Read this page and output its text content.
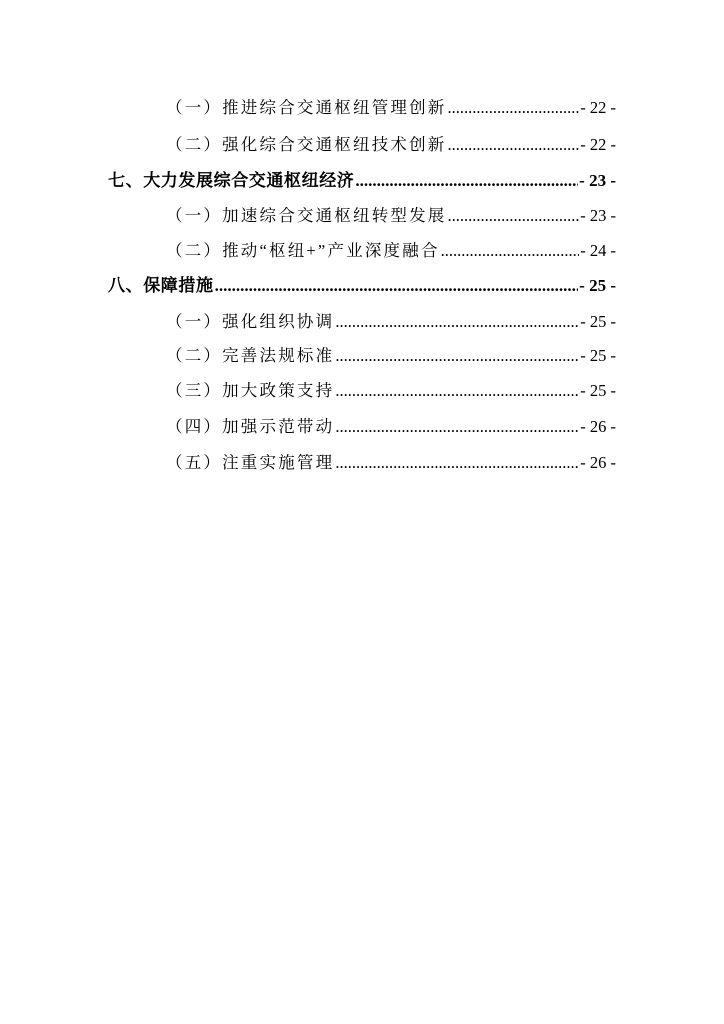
（一）推进综合交通枢纽管理创新 .....	- 22 -
（二）强化综合交通枢纽技术创新 .....	- 22 -
七、大力发展综合交通枢纽经济 .....	- 23 -
（一）加速综合交通枢纽转型发展 .....	- 23 -
（二）推动“枢纽+”产业深度融合 .....	- 24 -
八、保障措施 .....	- 25 -
（一）强化组织协调 .....	- 25 -
（二）完善法规标准 .....	- 25 -
（三）加大政策支持 .....	- 25 -
（四）加强示范带动 .....	- 26 -
（五）注重实施管理 .....	- 26 -
